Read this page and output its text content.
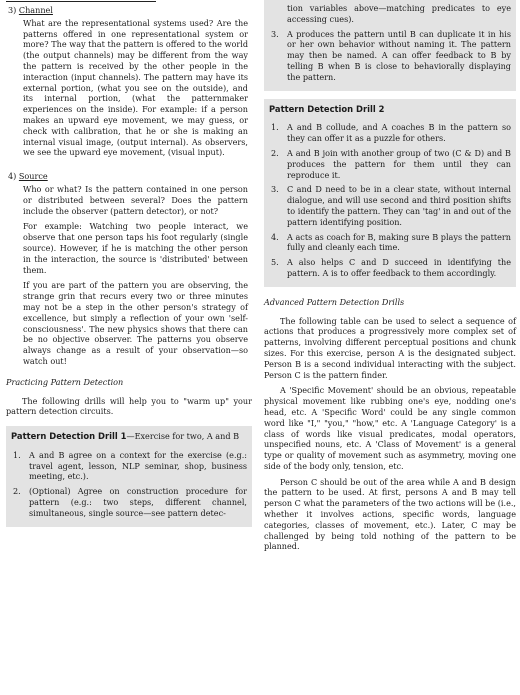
3) Channel

What are the representational systems used? Are the patterns offered in one representational system or more? The way that the pattern is offered to the world (the output channels) may be different from the way the pattern is received by the other people in the interaction (input channels). The pattern may have its external portion, (what you see on the outside), and its internal portion, (what the patternmaker experiences on the inside). For example: if a person makes an upward eye movement, we may guess, or check with calibration, that he or she is making an internal visual image, (output internal). As observers, we see the upward eye movement, (visual input).

4) Source

Who or what? Is the pattern contained in one person or distributed between several? Does the pattern include the observer (pattern detector), or not?

For example: Watching two people interact, we observe that one person taps his foot regularly (single source). However, if he is matching the other person in the interaction, the source is 'distributed' between them.

If you are part of the pattern you are observing, the strange grin that recurs every two or three minutes may not be a step in the other person's strategy of excellence, but simply a reflection of your own 'self-consciousness'. The new physics shows that there can be no objective observer. The patterns you observe always change as a result of your observation—so watch out!

Practicing Pattern Detection

The following drills will help you to "warm up" your pattern detection circuits.

Pattern Detection Drill 1—Exercise for two, A and B
1.	A and B agree on a context for the exercise (e.g.: travel agent, lesson, NLP seminar, shop, business meeting, etc.).
2.	(Optional) Agree on construction procedure for pattern (e.g.: two steps, different channel, simultaneous, single source—see pattern detec-
tion variables above—matching predicates to eye accessing cues).
3.	A produces the pattern until B can duplicate it in his or her own behavior without naming it. The pattern may then be named. A can offer feedback to B by telling B when B is close to behaviorally displaying the pattern.
Pattern Detection Drill 2
1.	A and B collude, and A coaches B in the pattern so they can offer it as a puzzle for others.
2.	A and B join with another group of two (C & D) and B produces the pattern for them until they can reproduce it.
3.	C and D need to be in a clear state, without internal dialogue, and will use second and third position shifts to identify the pattern. They can 'tag' in and out of the pattern identifying position.
4.	A acts as coach for B, making sure B plays the pattern fully and cleanly each time.
5.	A also helps C and D succeed in identifying the pattern. A is to offer feedback to them accordingly.
Advanced Pattern Detection Drills

The following table can be used to select a sequence of actions that produces a progressively more complex set of patterns, involving different perceptual positions and chunk sizes. For this exercise, person A is the designated subject. Person B is a second individual interacting with the subject. Person C is the pattern finder.

A 'Specific Movement' should be an obvious, repeatable physical movement like rubbing one's eye, nodding one's head, etc. A 'Specific Word' could be any single common word like "I," "you," "how," etc. A 'Language Category' is a class of words like visual predicates, modal operators, unspecified nouns, etc. A 'Class of Movement' is a general type or quality of movement such as asymmetry, moving one side of the body only, tension, etc.

Person C should be out of the area while A and B design the pattern to be used. At first, persons A and B may tell person C what the parameters of the two actions will be (i.e., whether it involves actions, specific words, language categories, classes of movement, etc.). Later, C may be challenged by being told nothing of the pattern to be planned.
